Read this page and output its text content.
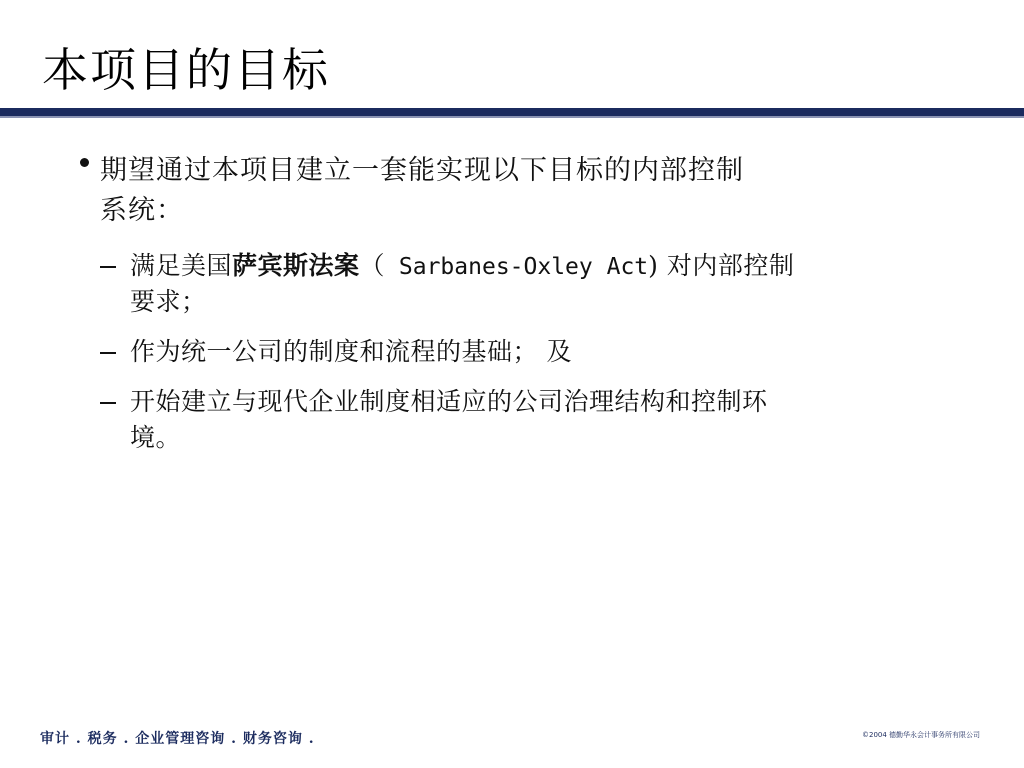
本项目的目标
期望通过本项目建立一套能实现以下目标的内部控制
系统：
满足美国萨宾斯法案（ Sarbanes-Oxley Act) 对内部控制
要求；
作为统一公司的制度和流程的基础； 及
开始建立与现代企业制度相适应的公司治理结构和控制环
境。
审计 . 税务 . 企业管理咨询 . 财务咨询 .	©2004 德勤华永会计事务所有限公司
